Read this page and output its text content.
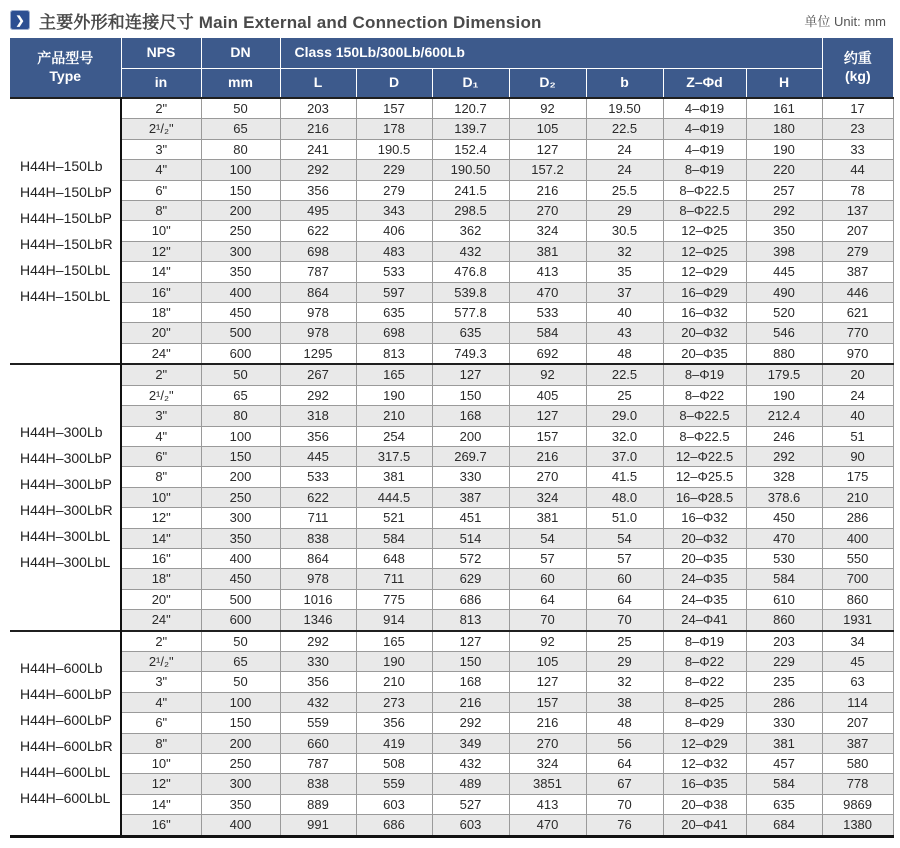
❯ 主要外形和连接尺寸 Main External and Connection Dimension	单位 Unit: mm
产品型号
Type	NPS	DN	Class 150Lb/300Lb/600Lb							约重
(kg)

	in	mm	L	D	D₁	D₂	b	Z–Φd	H	

H44H–150Lb
H44H–150LbP
H44H–150LbP
H44H–150LbR
H44H–150LbL
H44H–150LbL
	2"	50	203	157	120.7	92	19.50	4–Φ19	161	17
	2¹/₂"	65	216	178	139.7	105	22.5	4–Φ19	180	23
	3"	80	241	190.5	152.4	127	24	4–Φ19	190	33
	4"	100	292	229	190.50	157.2	24	8–Φ19	220	44
	6"	150	356	279	241.5	216	25.5	8–Φ22.5	257	78
	8"	200	495	343	298.5	270	29	8–Φ22.5	292	137
	10"	250	622	406	362	324	30.5	12–Φ25	350	207
	12"	300	698	483	432	381	32	12–Φ25	398	279
	14"	350	787	533	476.8	413	35	12–Φ29	445	387
	16"	400	864	597	539.8	470	37	16–Φ29	490	446
	18"	450	978	635	577.8	533	40	16–Φ32	520	621
	20"	500	978	698	635	584	43	20–Φ32	546	770
	24"	600	1295	813	749.3	692	48	20–Φ35	880	970

H44H–300Lb
H44H–300LbP
H44H–300LbP
H44H–300LbR
H44H–300LbL
H44H–300LbL
	2"	50	267	165	127	92	22.5	8–Φ19	179.5	20
	2¹/₂"	65	292	190	150	405	25	8–Φ22	190	24
	3"	80	318	210	168	127	29.0	8–Φ22.5	212.4	40
	4"	100	356	254	200	157	32.0	8–Φ22.5	246	51
	6"	150	445	317.5	269.7	216	37.0	12–Φ22.5	292	90
	8"	200	533	381	330	270	41.5	12–Φ25.5	328	175
	10"	250	622	444.5	387	324	48.0	16–Φ28.5	378.6	210
	12"	300	711	521	451	381	51.0	16–Φ32	450	286
	14"	350	838	584	514	54	54	20–Φ32	470	400
	16"	400	864	648	572	57	57	20–Φ35	530	550
	18"	450	978	711	629	60	60	24–Φ35	584	700
	20"	500	1016	775	686	64	64	24–Φ35	610	860
	24"	600	1346	914	813	70	70	24–Φ41	860	1931

H44H–600Lb
H44H–600LbP
H44H–600LbP
H44H–600LbR
H44H–600LbL
H44H–600LbL
	2"	50	292	165	127	92	25	8–Φ19	203	34
	2¹/₂"	65	330	190	150	105	29	8–Φ22	229	45
	3"	50	356	210	168	127	32	8–Φ22	235	63
	4"	100	432	273	216	157	38	8–Φ25	286	114
	6"	150	559	356	292	216	48	8–Φ29	330	207
	8"	200	660	419	349	270	56	12–Φ29	381	387
	10"	250	787	508	432	324	64	12–Φ32	457	580
	12"	300	838	559	489	3851	67	16–Φ35	584	778
	14"	350	889	603	527	413	70	20–Φ38	635	9869
	16"	400	991	686	603	470	76	20–Φ41	684	1380
